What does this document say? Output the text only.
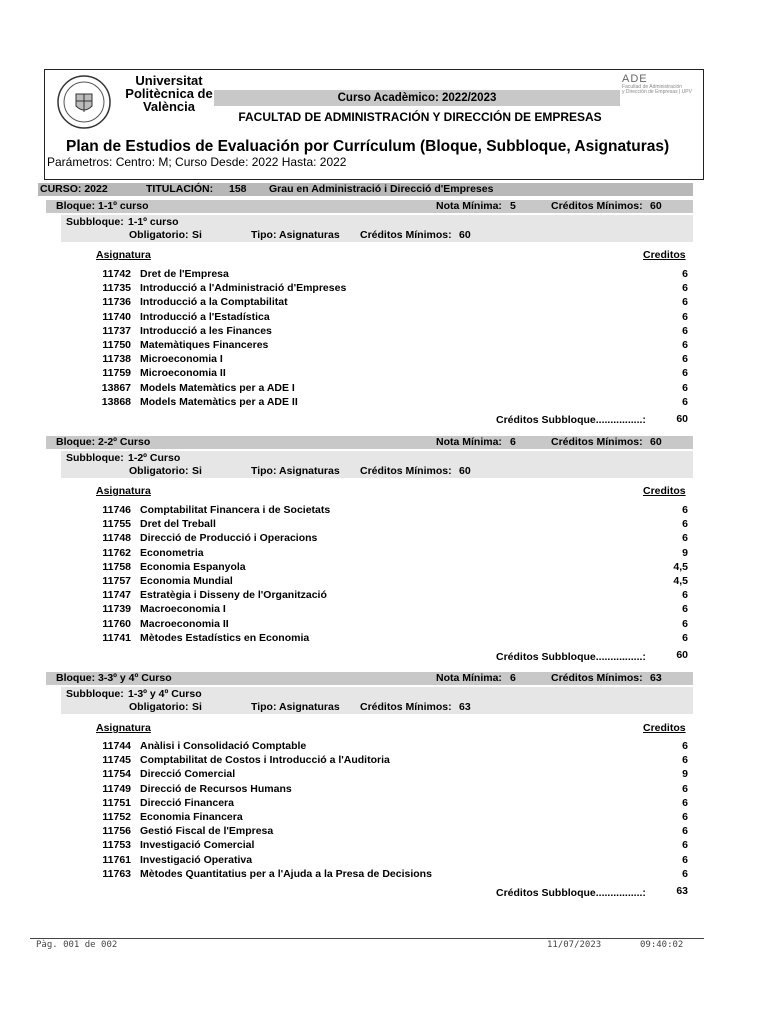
Universitat
Politècnica de
València
Curso Acadèmico: 2022/2023
FACULTAD DE ADMINISTRACIÓN Y DIRECCIÓN DE EMPRESAS
ADE
Facultad de Administración
y Dirección de Empresas | UPV
Plan de Estudios de Evaluación por Currículum (Bloque, Subbloque, Asignaturas)
Parámetros: Centro: M; Curso Desde: 2022 Hasta: 2022
CURSO: 2022	TITULACIÓN: 158 Grau en Administració i Direcció d'Empreses
Bloque: 1-1º curso	Nota Mínima: 5	Créditos Mínimos: 60
Subbloque: 1-1º curso
Obligatorio: Si	Tipo: Asignaturas Créditos Mínimos: 60
Asignatura	Creditos
11742 Dret de l'Empresa	6
11735 Introducció a l'Administració d'Empreses	6
11736 Introducció a la Comptabilitat	6
11740 Introducció a l'Estadística	6
11737 Introducció a les Finances	6
11750 Matemàtiques Financeres	6
11738 Microeconomia I	6
11759 Microeconomia II	6
13867 Models Matemàtics per a ADE I	6
13868 Models Matemàtics per a ADE II	6
Créditos Subbloque................:	60
Bloque: 2-2º Curso	Nota Mínima: 6	Créditos Mínimos: 60
Subbloque: 1-2º Curso
Obligatorio: Si	Tipo: Asignaturas Créditos Mínimos: 60
Asignatura	Creditos
11746 Comptabilitat Financera i de Societats	6
11755 Dret del Treball	6
11748 Direcció de Producció i Operacions	6
11762 Econometria	9
11758 Economia Espanyola	4,5
11757 Economia Mundial	4,5
11747 Estratègia i Disseny de l'Organització	6
11739 Macroeconomia I	6
11760 Macroeconomia II	6
11741 Mètodes Estadístics en Economia	6
Créditos Subbloque................:	60
Bloque: 3-3º y 4º Curso	Nota Mínima: 6	Créditos Mínimos: 63
Subbloque: 1-3º y 4º Curso
Obligatorio: Si	Tipo: Asignaturas Créditos Mínimos: 63
Asignatura	Creditos
11744 Anàlisi i Consolidació Comptable	6
11745 Comptabilitat de Costos i Introducció a l'Auditoria	6
11754 Direcció Comercial	9
11749 Direcció de Recursos Humans	6
11751 Direcció Financera	6
11752 Economia Financera	6
11756 Gestió Fiscal de l'Empresa	6
11753 Investigació Comercial	6
11761 Investigació Operativa	6
11763 Mètodes Quantitatius per a l'Ajuda a la Presa de Decisions	6
Créditos Subbloque................:	63
Pàg. 001 de 002	11/07/2023	09:40:02
